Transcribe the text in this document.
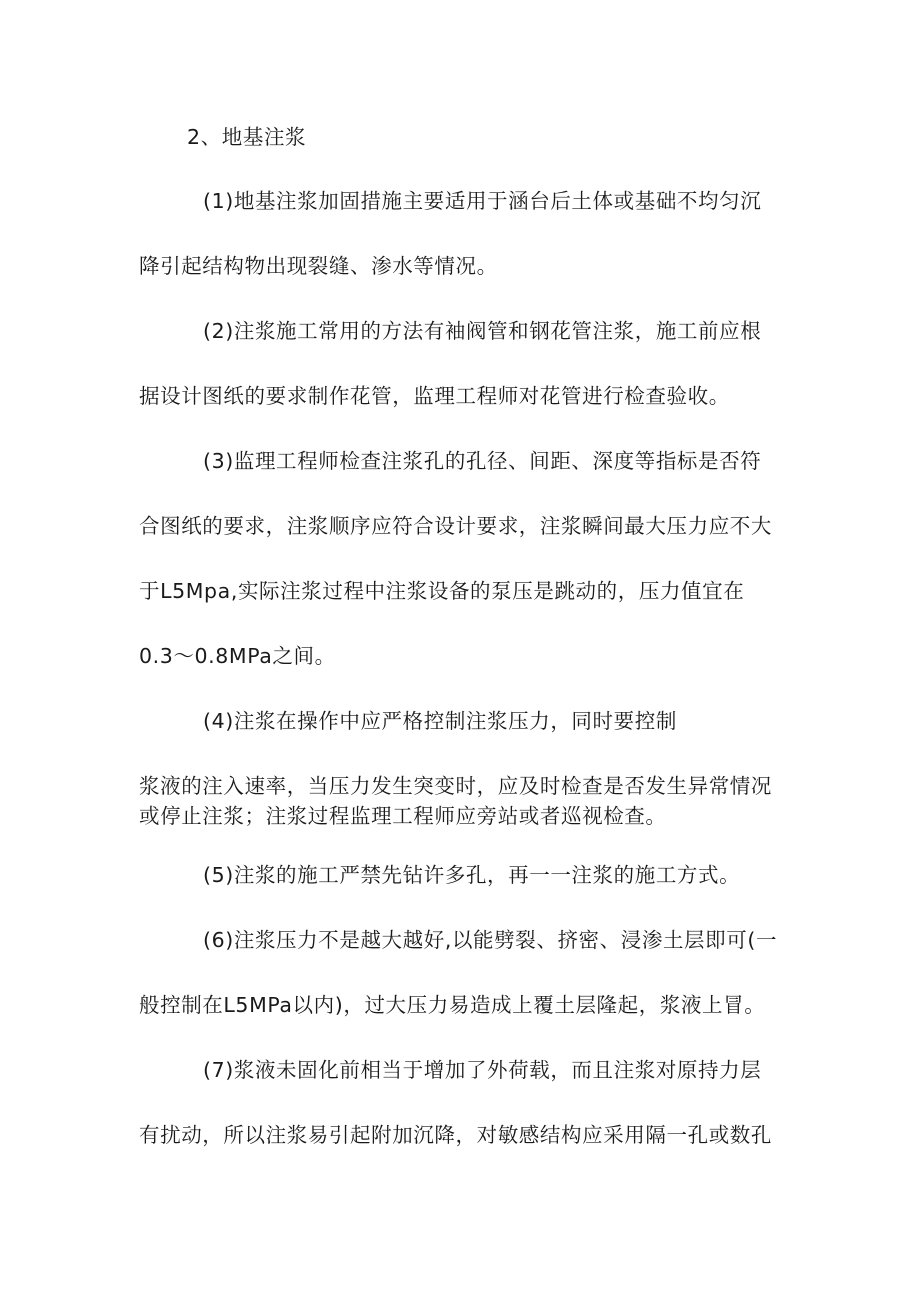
2、地基注浆
(1)地基注浆加固措施主要适用于涵台后土体或基础不均匀沉
降引起结构物出现裂缝、渗水等情况。
(2)注浆施工常用的方法有袖阀管和钢花管注浆，施工前应根
据设计图纸的要求制作花管，监理工程师对花管进行检查验收。
(3)监理工程师检查注浆孔的孔径、间距、深度等指标是否符
合图纸的要求，注浆顺序应符合设计要求，注浆瞬间最大压力应不大
于L5Mpa,实际注浆过程中注浆设备的泵压是跳动的，压力值宜在
0.3～0.8MPa之间。
(4)注浆在操作中应严格控制注浆压力，同时要控制
浆液的注入速率，当压力发生突变时，应及时检查是否发生异常情况
或停止注浆；注浆过程监理工程师应旁站或者巡视检查。
(5)注浆的施工严禁先钻许多孔，再一一注浆的施工方式。
(6)注浆压力不是越大越好,以能劈裂、挤密、浸渗土层即可(一
般控制在L5MPa以内)，过大压力易造成上覆土层隆起，浆液上冒。
(7)浆液未固化前相当于增加了外荷载，而且注浆对原持力层
有扰动，所以注浆易引起附加沉降，对敏感结构应采用隔一孔或数孔
